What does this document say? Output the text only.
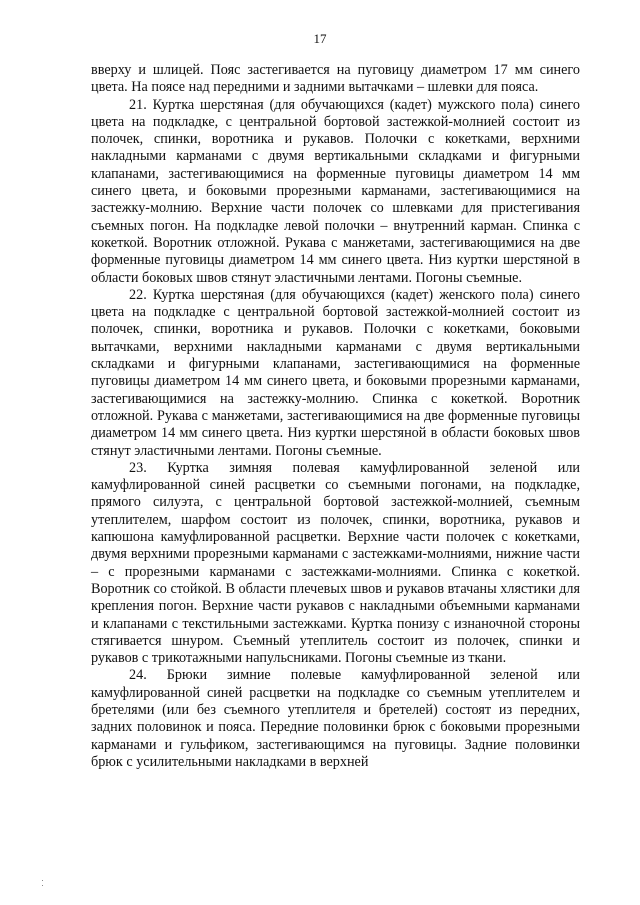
17

вверху и шлицей. Пояс застегивается на пуговицу диаметром 17 мм синего цвета. На поясе над передними и задними вытачками – шлевки для пояса.

21. Куртка шерстяная (для обучающихся (кадет) мужского пола) синего цвета на подкладке, с центральной бортовой застежкой-молнией состоит из полочек, спинки, воротника и рукавов. Полочки с кокетками, верхними накладными карманами с двумя вертикальными складками и фигурными клапанами, застегивающимися на форменные пуговицы диаметром 14 мм синего цвета, и боковыми прорезными карманами, застегивающимися на застежку-молнию. Верхние части полочек со шлевками для пристегивания съемных погон. На подкладке левой полочки – внутренний карман. Спинка с кокеткой. Воротник отложной. Рукава с манжетами, застегивающимися на две форменные пуговицы диаметром 14 мм синего цвета. Низ куртки шерстяной в области боковых швов стянут эластичными лентами. Погоны съемные.

22. Куртка шерстяная (для обучающихся (кадет) женского пола) синего цвета на подкладке с центральной бортовой застежкой-молнией состоит из полочек, спинки, воротника и рукавов. Полочки с кокетками, боковыми вытачками, верхними накладными карманами с двумя вертикальными складками и фигурными клапанами, застегивающимися на форменные пуговицы диаметром 14 мм синего цвета, и боковыми прорезными карманами, застегивающимися на застежку-молнию. Спинка с кокеткой. Воротник отложной. Рукава с манжетами, застегивающимися на две форменные пуговицы диаметром 14 мм синего цвета. Низ куртки шерстяной в области боковых швов стянут эластичными лентами. Погоны съемные.

23. Куртка зимняя полевая камуфлированной зеленой или камуфлированной синей расцветки со съемными погонами, на подкладке, прямого силуэта, с центральной бортовой застежкой-молнией, съемным утеплителем, шарфом состоит из полочек, спинки, воротника, рукавов и капюшона камуфлированной расцветки. Верхние части полочек с кокетками, двумя верхними прорезными карманами с застежками-молниями, нижние части – с прорезными карманами с застежками-молниями. Спинка с кокеткой. Воротник со стойкой. В области плечевых швов и рукавов втачаны хлястики для крепления погон. Верхние части рукавов с накладными объемными карманами и клапанами с текстильными застежками. Куртка понизу с изнаночной стороны стягивается шнуром. Съемный утеплитель состоит из полочек, спинки и рукавов с трикотажными напульсниками. Погоны съемные из ткани.

24. Брюки зимние полевые камуфлированной зеленой или камуфлированной синей расцветки на подкладке со съемным утеплителем и бретелями (или без съемного утеплителя и бретелей) состоят из передних, задних половинок и пояса. Передние половинки брюк с боковыми прорезными карманами и гульфиком, застегивающимся на пуговицы. Задние половинки брюк с усилительными накладками в верхней
